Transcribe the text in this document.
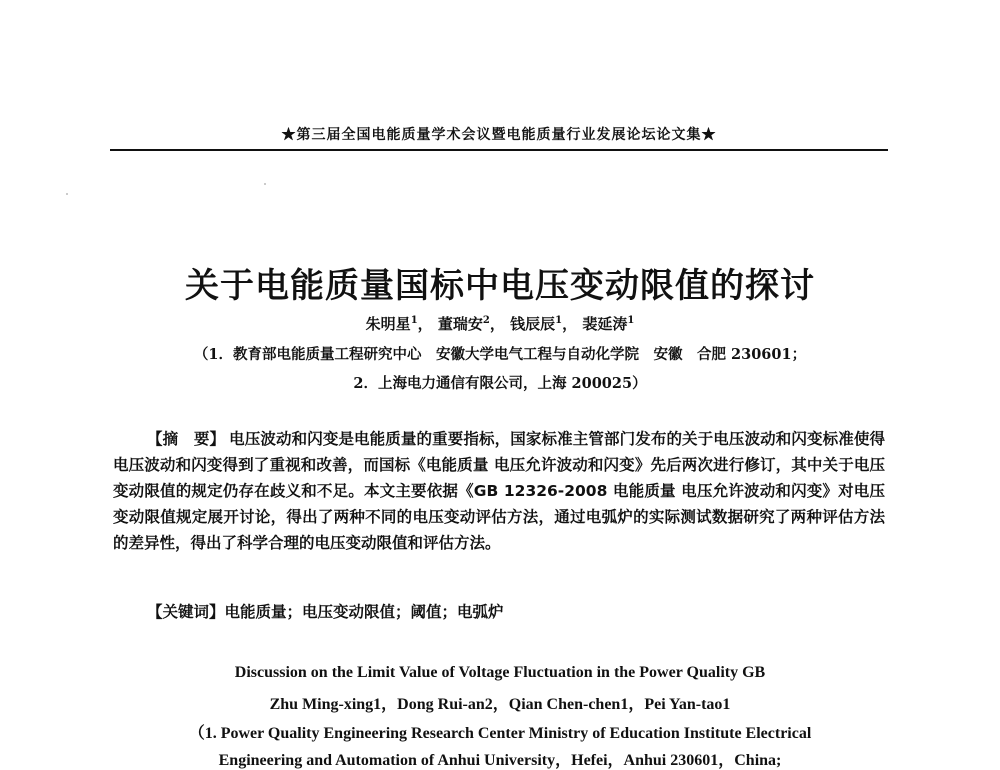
★第三届全国电能质量学术会议暨电能质量行业发展论坛论文集★
关于电能质量国标中电压变动限值的探讨
朱明星$^1$， 董瑞安$^2$， 钱辰辰$^1$， 裴延涛$^1$
（1．教育部电能质量工程研究中心　安徽大学电气工程与自动化学院　安徽　合肥 230601；
2．上海电力通信有限公司，上海 200025）
【摘　要】 电压波动和闪变是电能质量的重要指标，国家标准主管部门发布的关于电压波动和闪变标准使得电压波动和闪变得到了重视和改善，而国标《电能质量 电压允许波动和闪变》先后两次进行修订，其中关于电压变动限值的规定仍存在歧义和不足。本文主要依据《GB 12326-2008 电能质量 电压允许波动和闪变》对电压变动限值规定展开讨论，得出了两种不同的电压变动评估方法，通过电弧炉的实际测试数据研究了两种评估方法的差异性，得出了科学合理的电压变动限值和评估方法。
【关键词】电能质量；电压变动限值；阈值；电弧炉
Discussion on the Limit Value of Voltage Fluctuation in the Power Quality GB
Zhu Ming-xing1，Dong Rui-an2，Qian Chen-chen1，Pei Yan-tao1
（1. Power Quality Engineering Research Center Ministry of Education Institute Electrical
Engineering and Automation of Anhui University，Hefei，Anhui 230601，China;
